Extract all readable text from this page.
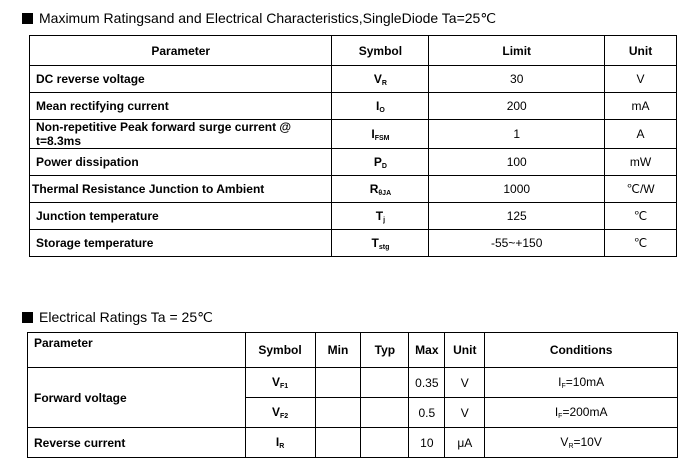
Maximum Ratingsand and Electrical Characteristics,SingleDiode Ta=25℃
Parameter	Symbol	Limit	Unit
DC reverse voltage	$V_R$	30	V
Mean rectifying current	$I_O$	200	mA
Non-repetitive Peak forward surge current @ t=8.3ms	$I_{FSM}$	1	A
Power dissipation	$P_D$	100	mW
Thermal Resistance Junction to Ambient	$R_{\theta JA}$	1000	℃/W
Junction temperature	$T_j$	125	℃
Storage temperature	$T_{stg}$	-55~+150	℃
Electrical Ratings Ta = 25℃
Parameter	Symbol	Min	Typ	Max	Unit	Conditions
Forward voltage	$V_{F1}$			0.35	V	$I_F=10mA$
	$V_{F2}$			0.5	V	$I_F=200mA$
Reverse current	$I_R$			10	μA	$V_R=10V$
